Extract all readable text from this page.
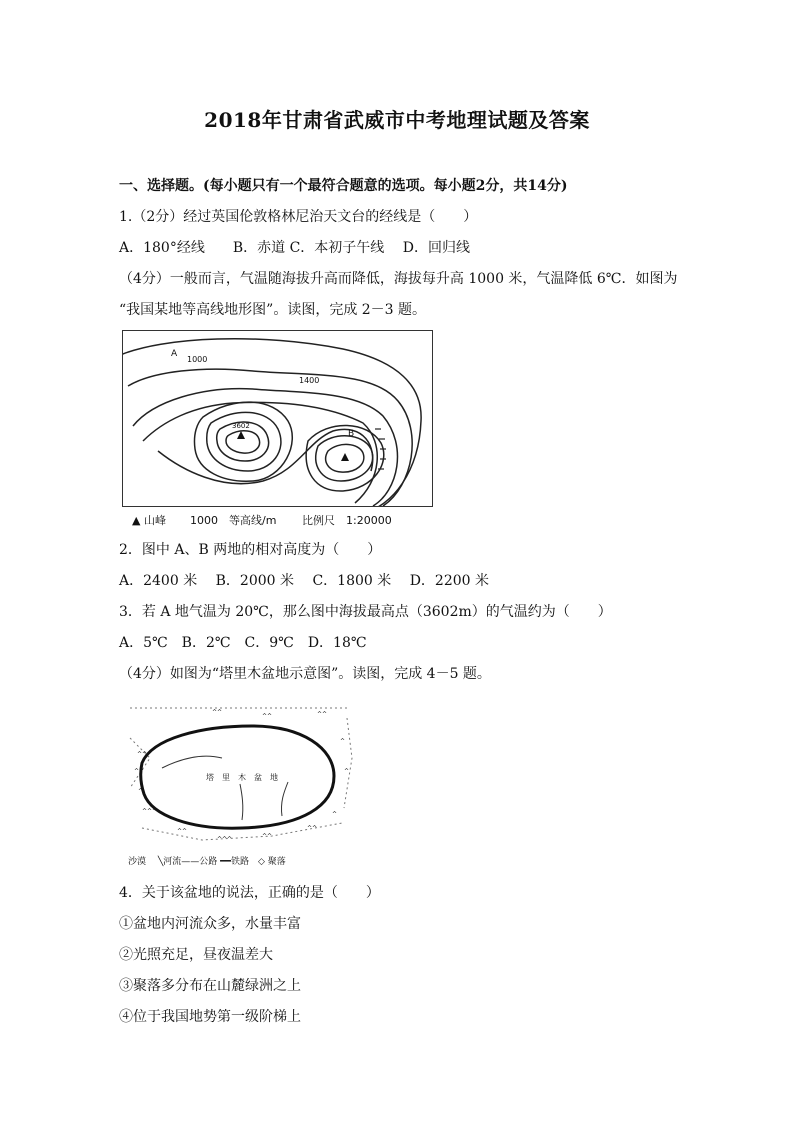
2018年甘肃省武威市中考地理试题及答案
一、选择题。(每小题只有一个最符合题意的选项。每小题2分，共14分)
1.（2分）经过英国伦敦格林尼治天文台的经线是（　　）
A．180°经线　　B．赤道 C．本初子午线　 D．回归线
（4分）一般而言，气温随海拔升高而降低，海拔每升高 1000 米，气温降低 6℃．如图为
“我国某地等高线地形图”。读图，完成 2－3 题。
A
B
1000
1400
3602
▲ 山峰 1000　等高线/m 比例尺　1:20000
2．图中 A、B 两地的相对高度为（　　）
A．2400 米　 B．2000 米　 C．1800 米　 D．2200 米
3．若 A 地气温为 20℃，那么图中海拔最高点（3602m）的气温约为（　　）
A．5℃　B．2℃　C．9℃　D．18℃
（4分）如图为“塔里木盆地示意图”。读图，完成 4－5 题。
^^
^^
^
^^^
^^
^^^	^^
^^
^
^^
^^	^^
^
^
塔　里　木　盆　地
沙漠　 ╲河流——公路 ━━铁路　◇ 聚落
4．关于该盆地的说法，正确的是（　　）
①盆地内河流众多，水量丰富
②光照充足，昼夜温差大
③聚落多分布在山麓绿洲之上
④位于我国地势第一级阶梯上
